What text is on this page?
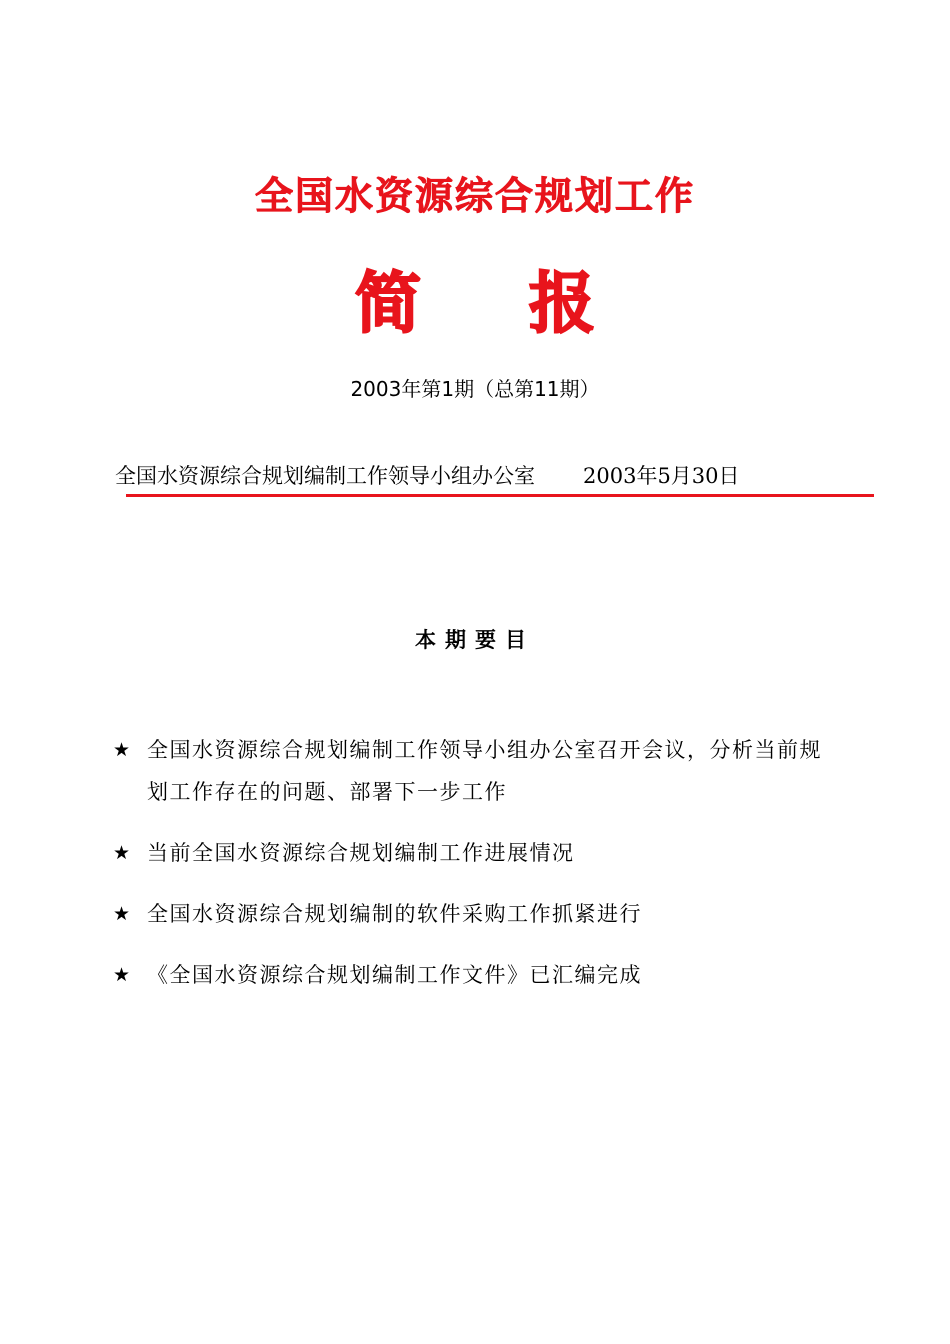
全国水资源综合规划工作
简 报
2003年第1期（总第11期）
全国水资源综合规划编制工作领导小组办公室 2003年5月30日
本期要目
★ 全国水资源综合规划编制工作领导小组办公室召开会议，分析当前规划工作存在的问题、部署下一步工作
★ 当前全国水资源综合规划编制工作进展情况
★ 全国水资源综合规划编制的软件采购工作抓紧进行
★ 《全国水资源综合规划编制工作文件》已汇编完成
